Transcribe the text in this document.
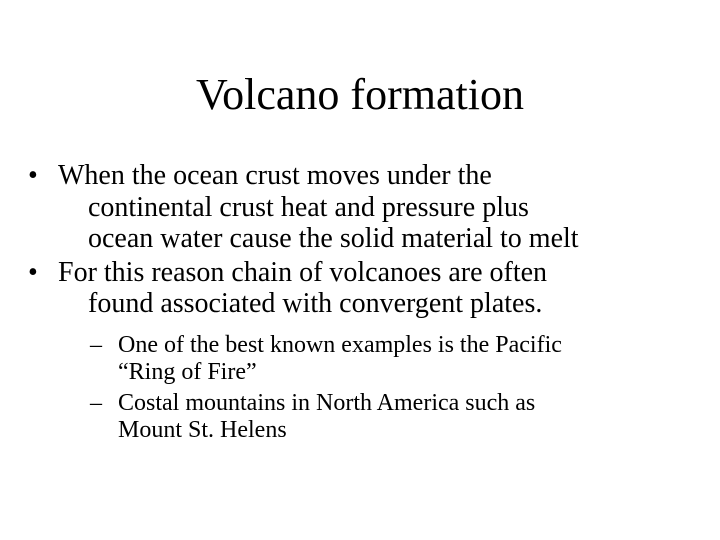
Volcano formation
• When the ocean crust moves under the
continental crust heat and pressure plus
ocean water cause the solid material to melt
• For this reason chain of volcanoes are often
found associated with convergent plates.
– One of the best known examples is the Pacific
“Ring of Fire”
– Costal mountains in North America such as
Mount St. Helens
